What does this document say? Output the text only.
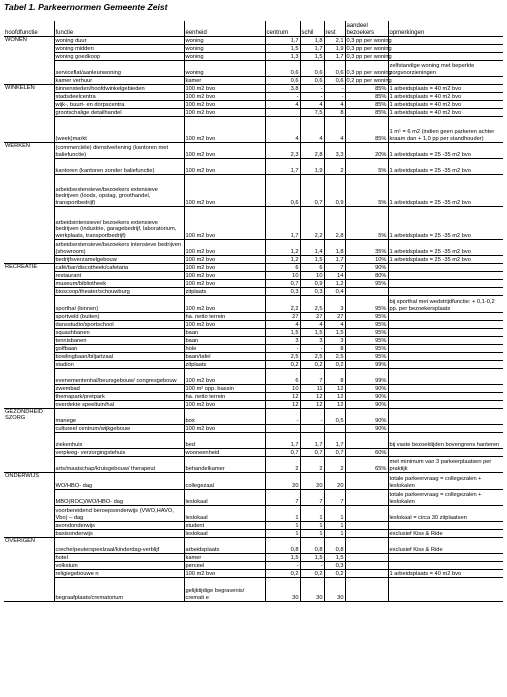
Tabel 1. Parkeernormen Gemeente Zeist
hoofdfunctie	functie	eenheid	centrum	schil	rest	aandeel bezoekers	opmerkingen
WONEN	woning duur	woning	1,7	1,8	2,1	0,3 pp per woning	
	woning midden	woning	1,5	1,7	1,9	0,3 pp per woning	
	woning goedkoop	woning	1,3	1,5	1,7	0,3 pp per woning	
	serviceflat/aanleunwoning	woning	0,6	0,6	0,6	0,3 pp per woning	zelfstandige woning met beperkte zorgvoorzieningen
	kamer verhuur	kamer	0,6	0,6	0,6	0,2 pp per woning	
WINKELEN	binnensteden/hoofdwinkelgebieden	100 m2 bvo	3,8	-	-	85%	1 arbeidsplaats = 40 m2 bvo
	stadsdeelcentra	100 m2 bvo	-	-	-	85%	1 arbeidsplaats = 40 m2 bvo
	wijk-, buurt- en dorpscentra	100 m2 bvo	4	4	4	85%	1 arbeidsplaats = 40 m2 bvo
	grootschalige detailhandel	100 m2 bvo		7,5	8	85%	1 arbeidsplaats = 40 m2 bvo
	(week)markt	100 m2 bvo	4	4	4	85%	1 m¹ = 6 m2 (indien geen parkeren achter kraam dan + 1,0 pp per standhouder)
WERKEN	(commerciële) dienstverlening (kantoren met baliefunctie)	100 m2 bvo	2,3	2,8	3,3	20%	1 arbeidsplaats = 25 -35 m2 bvo
	kantoren (kantoren zonder baliefunctie)	100 m2 bvo	1,7	1,9	2	5%	1 arbeidsplaats = 25 -35 m2 bvo
	arbeidsextensieve/bezoekers extensieve bedrijven (loods, opslag, groothandel, transportbedrijf)	100 m2 bvo	0,6	0,7	0,9	5%	1 arbeidsplaats = 25 -35 m2 bvo
	arbeidsintensieve/ bezoekers extensieve bedrijven (industrie, garagebedrijf, laboratorium, werkplaats, transportbedrijf)	100 m2 bvo	1,7	2,2	2,8	5%	1 arbeidsplaats = 25 -35 m2 bvo
	arbeidsextensieve/bezoekers intensieve bedrijven (showroom)	100 m2 bvo	1,2	1,4	1,8	35%	1 arbeidsplaats = 25 -35 m2 bvo
	bedrijfsverzamelgebouw	100 m2 bvo	1,2	1,5	1,7	10%	1 arbeidsplaats = 25 -35 m2 bvo
RECREATIE	café/bar/discotheek/cafetaria	100 m2 bvo	6	6	7	90%	
	restaurant	100 m2 bvo	10	10	14	80%	
	museum/bibliotheek	100 m2 bvo	0,7	0,9	1,2	95%	
	bioscoop/theater/schouwburg	zitplaats	0,3	0,3	0,4		
	sporthal (binnen)	100 m2 bvo	2,2	2,5	3	95%	bij sporthal met wedstrijdfunctie: + 0,1-0,2 pp. per bezoekersplaats
	sportveld (buiten)	ha. netto terrein	27	27	27	95%	
	dansstudio/sportschool	100 m2 bvo	4	4	4	95%	
	squashbanen	baan	1,5	1,5	1,5	95%	
	tennisbanen	baan	3	3	3	95%	
	golfbaan	hole	-	-	8	95%	
	bowlingbaan/biljartzaal	baan/tafel	2,5	2,5	2,5	95%	
	stadion	zitplaats	0,2	0,2	0,2	99%	
	evenementenhal/beursgebouw/ congresgebouw	100 m2 bvo	6	7	8	99%	
	zwembad	100 m² opp. bassin	10	11	12	90%	
	themapark/pretpark	ha. netto terrein	12	12	12	90%	
	overdekte speeltuin/hal	100 m2 bvo	12	12	12	90%	
GEZONDHEID SZORG	manege	box	-	-	0,5	90%	
	cultureel centrum/wijkgebouw	100 m2 bvo				90%	
	ziekenhuis	bed	1,7	1,7	1,7		bij vaste bezoektijden bovengrens hanteren
	verpleeg- verzorgingstehuis	wooneenheid	0,7	0,7	0,7	60%	
	arts/maatschap/kruisgebouw/ therapeut	behandelkamer	2	2	2	65%	met minimum van 3 parkeerplaatsen per praktijk
ONDERWIJS	WO/HBO- dag	collegezaal	20	20	20		totale parkeervraag = collegezalen + leslokalen
	MBO(ROC)/WO/HBO- dag	leslokaal	7	7	7		totale parkeervraag = collegezalen + leslokalen
	voorbereidend beroepsonderwijs (VWO,HAVO, Vbo) – dag	leslokaal	1	1	1		leslokaal = circa 30 zitplaatsen
	avondonderwijs	student	1	1	1		
	basisonderwijs	leslokaal	1	1	1		exclusief Kiss & Ride
OVERIGEN	creche/peuterspeelzaal/kinderdag-verblijf	arbeidsplaats	0,8	0,8	0,8		exclusief Kiss & Ride
	hotel	kamer	1,5	1,5	1,5		
	volkstuin	perceel	-	-	0,3		
	religiegebouwe n	100 m2 bvo	0,2	0,2	0,2		1 arbeidsplaats = 40 m2 bvo
	begraafplaats/crematorium	gelijktijdige begravenis/ cremati e	30	30	30		
